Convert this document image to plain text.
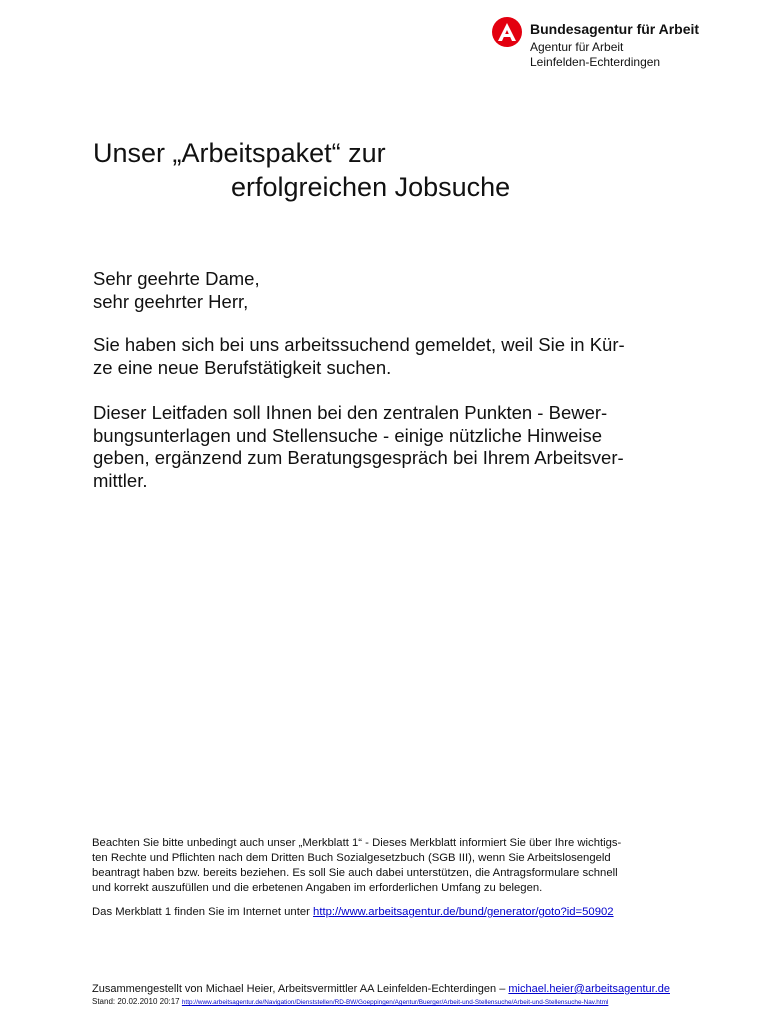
Bundesagentur für Arbeit
Agentur für Arbeit
Leinfelden-Echterdingen
Unser „Arbeitspaket“ zur
erfolgreichen Jobsuche
Sehr geehrte Dame,
sehr geehrter Herr,
Sie haben sich bei uns arbeitssuchend gemeldet, weil Sie in Kür-
ze eine neue Berufstätigkeit suchen.
Dieser Leitfaden soll Ihnen bei den zentralen Punkten - Bewer-
bungsunterlagen und Stellensuche - einige nützliche Hinweise
geben, ergänzend zum Beratungsgespräch bei Ihrem Arbeitsver-
mittler.
Beachten Sie bitte unbedingt auch unser „Merkblatt 1“ - Dieses Merkblatt informiert Sie über Ihre wichtigs-
ten Rechte und Pflichten nach dem Dritten Buch Sozialgesetzbuch (SGB III), wenn Sie Arbeitslosengeld
beantragt haben bzw. bereits beziehen. Es soll Sie auch dabei unterstützen, die Antragsformulare schnell
und korrekt auszufüllen und die erbetenen Angaben im erforderlichen Umfang zu belegen.
Das Merkblatt 1 finden Sie im Internet unter http://www.arbeitsagentur.de/bund/generator/goto?id=50902
Zusammengestellt von Michael Heier, Arbeitsvermittler AA Leinfelden-Echterdingen – michael.heier@arbeitsagentur.de
Stand: 20.02.2010 20:17 http://www.arbeitsagentur.de/Navigation/Dienststellen/RD-BW/Goeppingen/Agentur/Buerger/Arbeit-und-Stellensuche/Arbeit-und-Stellensuche-Nav.html
